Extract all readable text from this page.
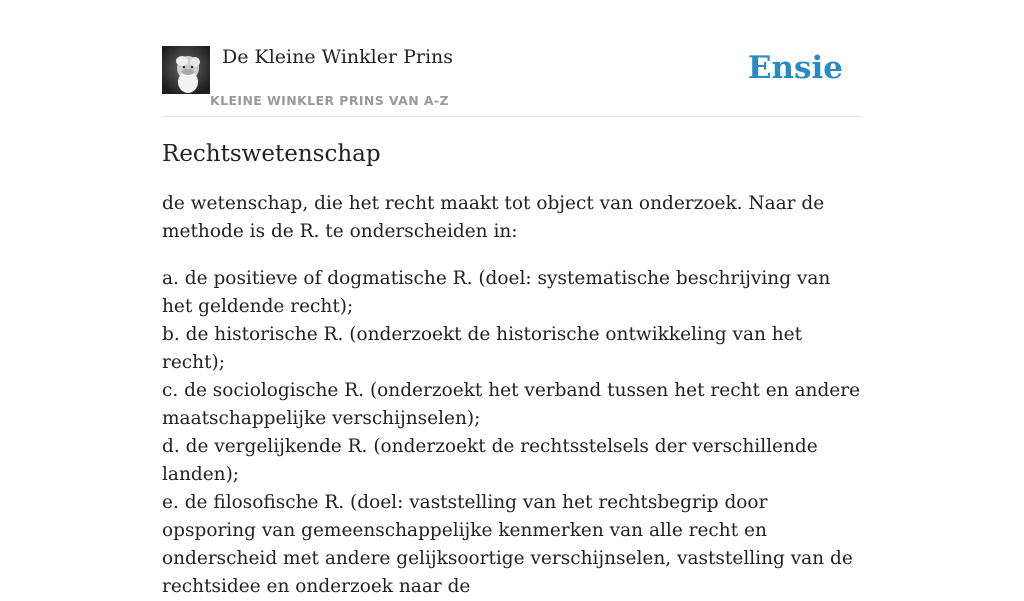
De Kleine Winkler Prins
KLEINE WINKLER PRINS VAN A-Z
Ensie
Rechtswetenschap

de wetenschap, die het recht maakt tot object van onderzoek. Naar de methode is de R. te onderscheiden in:

a. de positieve of dogmatische R. (doel: systematische beschrijving van het geldende recht);
b. de historische R. (onderzoekt de historische ontwikkeling van het recht);
c. de sociologische R. (onderzoekt het verband tussen het recht en andere maatschappelijke verschijnselen);
d. de vergelijkende R. (onderzoekt de rechtsstelsels der verschillende landen);
e. de filosofische R. (doel: vaststelling van het rechtsbegrip door opsporing van gemeenschappelijke kenmerken van alle recht en onderscheid met andere gelijksoortige verschijnselen, vaststelling van de rechtsidee en onderzoek naar de
